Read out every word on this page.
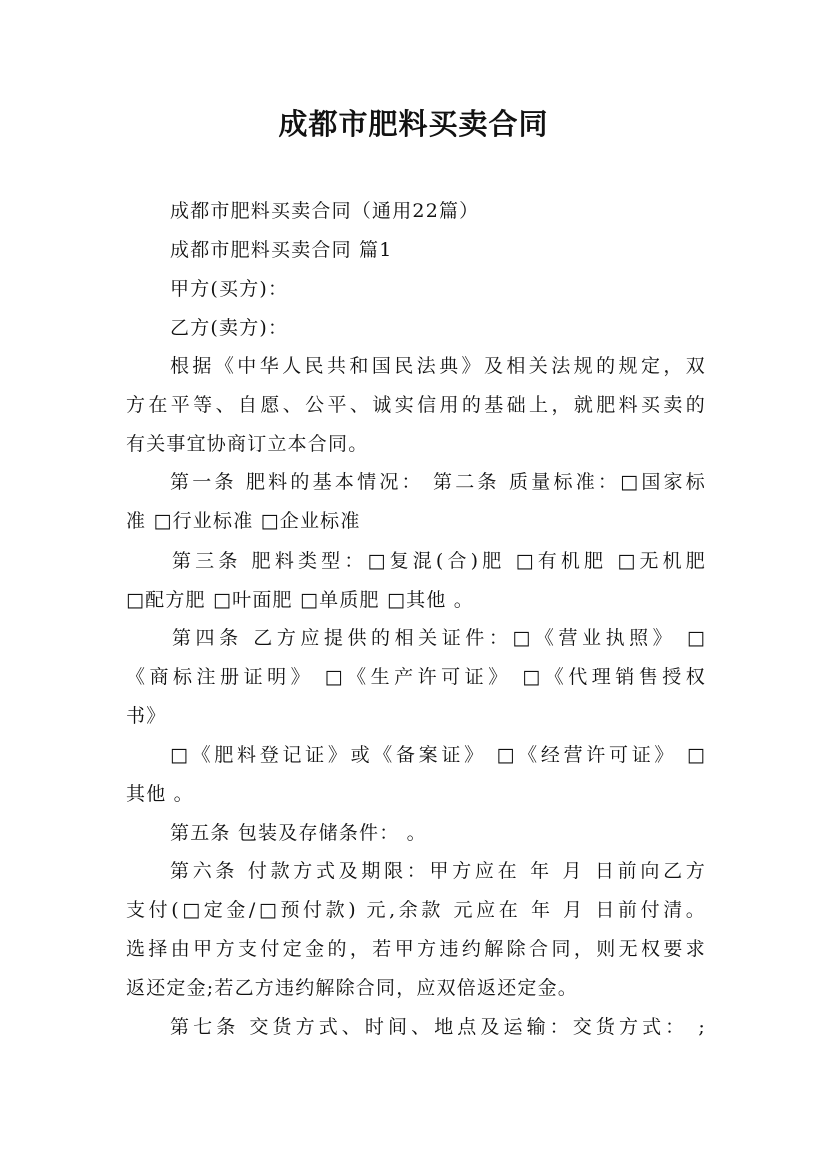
成都市肥料买卖合同
成都市肥料买卖合同（通用22篇）
成都市肥料买卖合同 篇1
甲方(买方)：
乙方(卖方)：
根据《中华人民共和国民法典》及相关法规的规定，双
方在平等、自愿、公平、诚实信用的基础上，就肥料买卖的
有关事宜协商订立本合同。
第一条 肥料的基本情况： 第二条 质量标准：□国家标
准 □行业标准 □企业标准
第三条 肥料类型：□复混(合)肥 □有机肥 □无机肥
□配方肥 □叶面肥 □单质肥 □其他 。
第四条 乙方应提供的相关证件：□《营业执照》 □
《商标注册证明》 □《生产许可证》 □《代理销售授权
书》
□《肥料登记证》或《备案证》 □《经营许可证》 □
其他 。
第五条 包装及存储条件： 。
第六条 付款方式及期限：甲方应在 年 月 日前向乙方
支付(□定金/□预付款) 元,余款 元应在 年 月 日前付清。
选择由甲方支付定金的，若甲方违约解除合同，则无权要求
返还定金;若乙方违约解除合同，应双倍返还定金。
第七条 交货方式、时间、地点及运输：交货方式： ;
